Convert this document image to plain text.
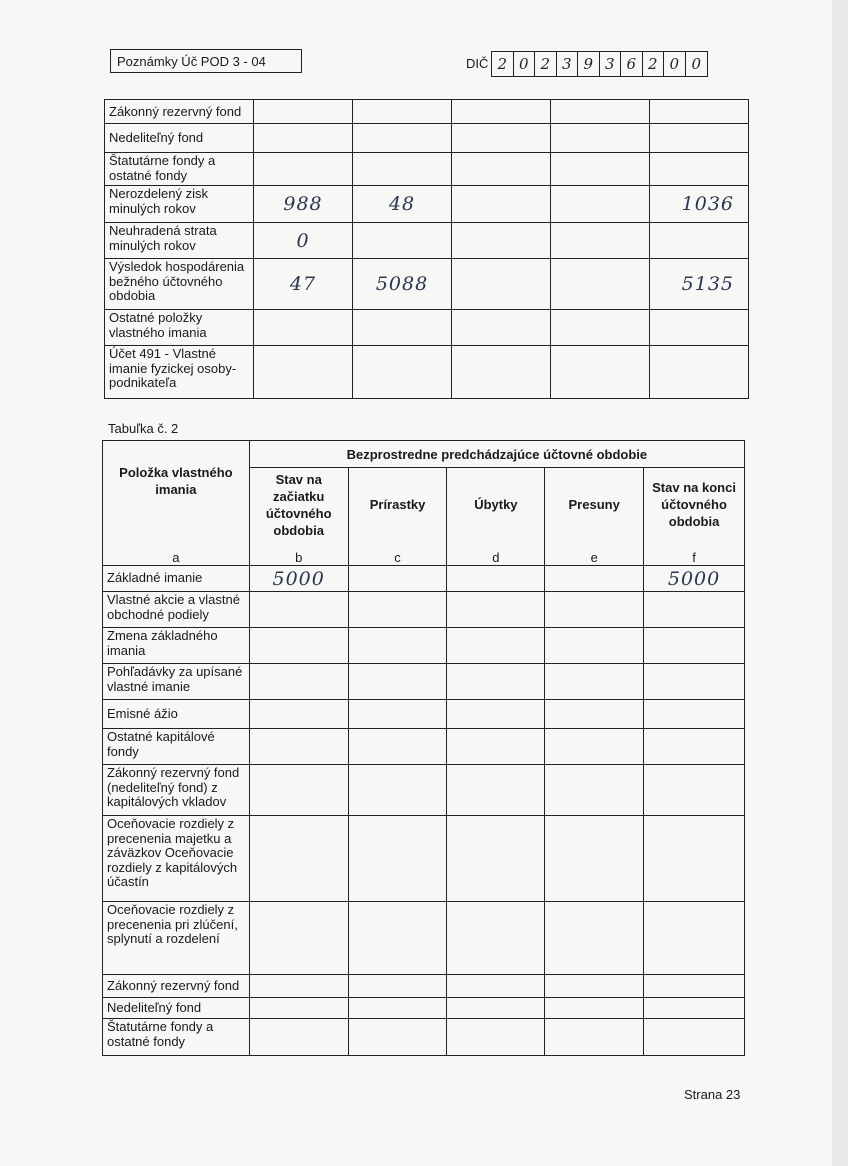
Poznámky Úč POD 3 - 04	DIČ 2 0 2 3 9 3 6 2 0 0
Zákonný rezervný fond					
Nedeliteľný fond					
Štatutárne fondy a ostatné fondy					
Nerozdelený zisk minulých rokov	988	48			1036
Neuhradená strata minulých rokov	0				
Výsledok hospodárenia bežného účtovného obdobia	47	5088			5135
Ostatné položky vlastného imania					
Účet 491 - Vlastné imanie fyzickej osoby-podnikateľa					
Tabuľka č. 2
Položka vlastného imania	Bezprostredne predchádzajúce účtovné obdobie				
	Stav na začiatku účtovného obdobia	Prírastky	Úbytky	Presuny	Stav na konci účtovného obdobia
a	b	c	d	e	f
Základné imanie	5000				5000
Vlastné akcie a vlastné obchodné podiely					
Zmena základného imania					
Pohľadávky za upísané vlastné imanie					
Emisné ážio					
Ostatné kapitálové fondy					
Zákonný rezervný fond (nedeliteľný fond) z kapitálových vkladov					
Oceňovacie rozdiely z precenenia majetku a záväzkov Oceňovacie rozdiely z kapitálových účastín					
Oceňovacie rozdiely z precenenia pri zlúčení, splynutí a rozdelení					
Zákonný rezervný fond					
Nedeliteľný fond					
Štatutárne fondy a ostatné fondy					
Strana 23
